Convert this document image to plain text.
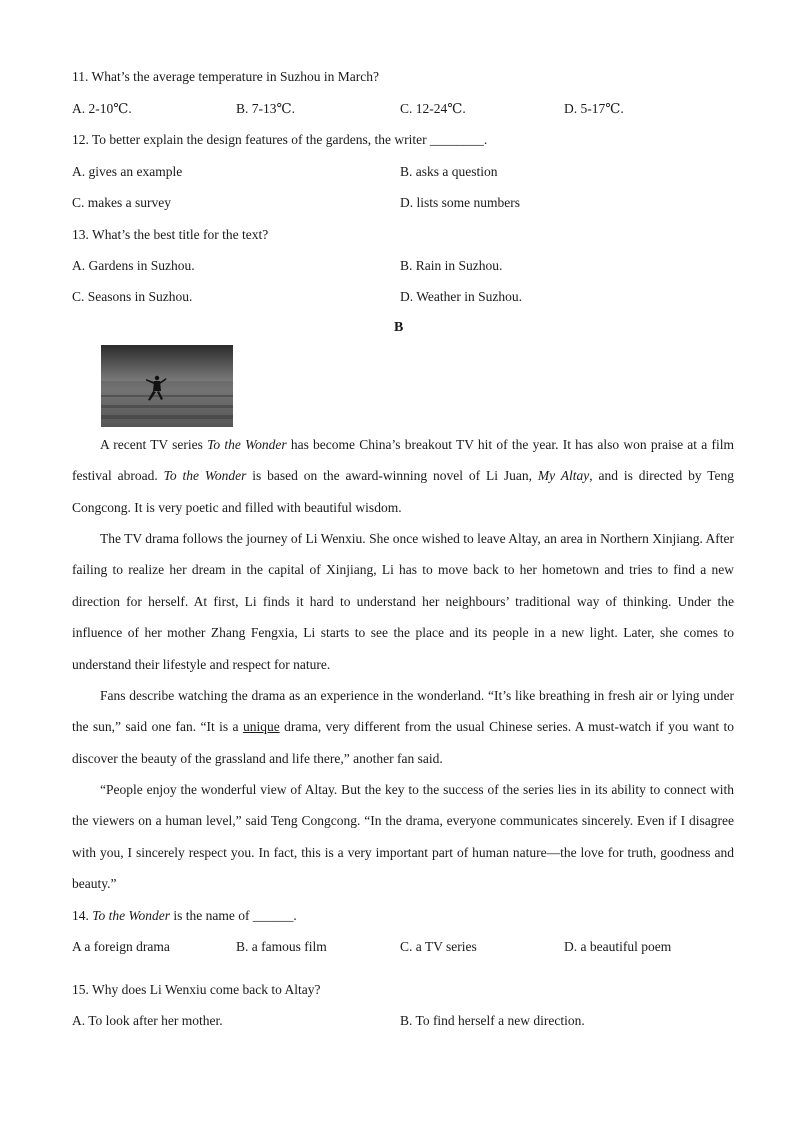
11. What’s the average temperature in Suzhou in March?
A. 2-10℃.	B. 7-13℃.	C. 12-24℃.	D. 5-17℃.
12. To better explain the design features of the gardens, the writer ________.
A. gives an example	B. asks a question
C. makes a survey	D. lists some numbers
13. What’s the best title for the text?
A. Gardens in Suzhou.	B. Rain in Suzhou.
C. Seasons in Suzhou.	D. Weather in Suzhou.
B
A recent TV series To the Wonder has become China’s breakout TV hit of the year. It has also won praise at a film festival abroad. To the Wonder is based on the award-winning novel of Li Juan, My Altay, and is directed by Teng Congcong. It is very poetic and filled with beautiful wisdom.
The TV drama follows the journey of Li Wenxiu. She once wished to leave Altay, an area in Northern Xinjiang. After failing to realize her dream in the capital of Xinjiang, Li has to move back to her hometown and tries to find a new direction for herself. At first, Li finds it hard to understand her neighbours’ traditional way of thinking. Under the influence of her mother Zhang Fengxia, Li starts to see the place and its people in a new light. Later, she comes to understand their lifestyle and respect for nature.
Fans describe watching the drama as an experience in the wonderland. “It’s like breathing in fresh air or lying under the sun,” said one fan. “It is a unique drama, very different from the usual Chinese series. A must-watch if you want to discover the beauty of the grassland and life there,” another fan said.
“People enjoy the wonderful view of Altay. But the key to the success of the series lies in its ability to connect with the viewers on a human level,” said Teng Congcong. “In the drama, everyone communicates sincerely. Even if I disagree with you, I sincerely respect you. In fact, this is a very important part of human nature—the love for truth, goodness and beauty.”
14. To the Wonder is the name of ______.
A a foreign drama	B. a famous film	C. a TV series	D. a beautiful poem
15. Why does Li Wenxiu come back to Altay?
A. To look after her mother.	B. To find herself a new direction.
